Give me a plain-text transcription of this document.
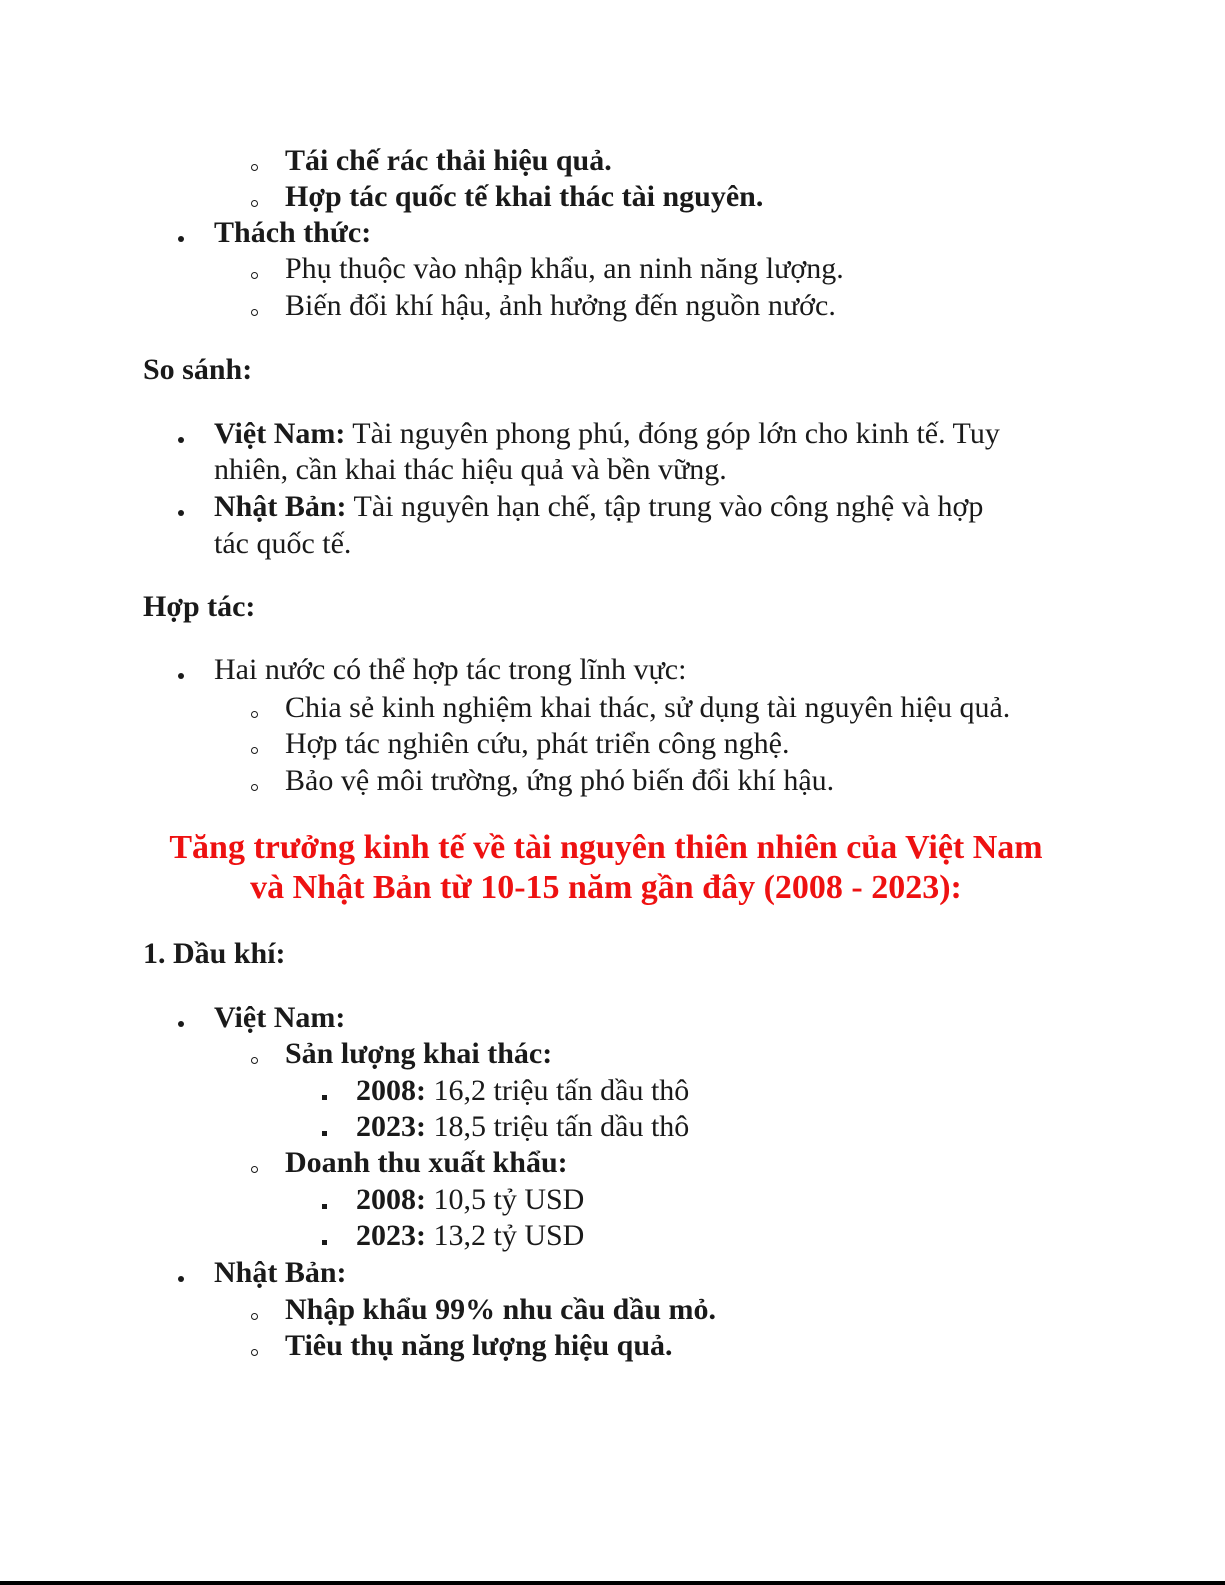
Tái chế rác thải hiệu quả.
Hợp tác quốc tế khai thác tài nguyên.
Thách thức:
Phụ thuộc vào nhập khẩu, an ninh năng lượng.
Biến đổi khí hậu, ảnh hưởng đến nguồn nước.
So sánh:
Việt Nam: Tài nguyên phong phú, đóng góp lớn cho kinh tế. Tuy
nhiên, cần khai thác hiệu quả và bền vững.
Nhật Bản: Tài nguyên hạn chế, tập trung vào công nghệ và hợp
tác quốc tế.
Hợp tác:
Hai nước có thể hợp tác trong lĩnh vực:
Chia sẻ kinh nghiệm khai thác, sử dụng tài nguyên hiệu quả.
Hợp tác nghiên cứu, phát triển công nghệ.
Bảo vệ môi trường, ứng phó biến đổi khí hậu.
Tăng trưởng kinh tế về tài nguyên thiên nhiên của Việt Nam
và Nhật Bản từ 10-15 năm gần đây (2008 - 2023):
1. Dầu khí:
Việt Nam:
Sản lượng khai thác:
2008: 16,2 triệu tấn dầu thô
2023: 18,5 triệu tấn dầu thô
Doanh thu xuất khẩu:
2008: 10,5 tỷ USD
2023: 13,2 tỷ USD
Nhật Bản:
Nhập khẩu 99% nhu cầu dầu mỏ.
Tiêu thụ năng lượng hiệu quả.
